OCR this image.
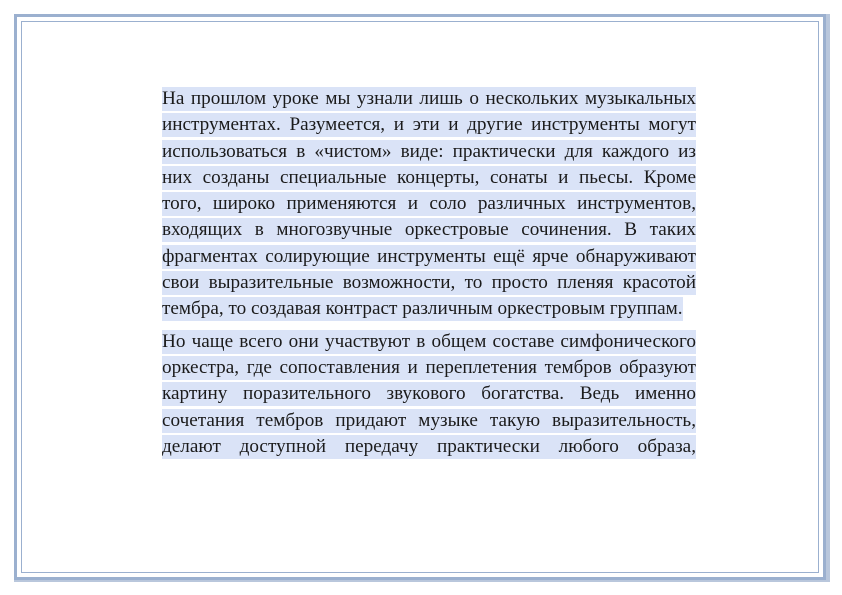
На прошлом уроке мы узнали лишь о нескольких музыкальных инструментах. Разумеется, и эти и другие инструменты могут использоваться в «чистом» виде: практически для каждого из них созданы специальные концерты, сонаты и пьесы. Кроме того, широко применяются и соло различных инструментов, входящих в многозвучные оркестровые сочинения. В таких фрагментах солирующие инструменты ещё ярче обнаруживают свои выразительные возможности, то просто пленяя красотой тембра, то создавая контраст различным оркестровым группам.

Но чаще всего они участвуют в общем составе симфонического оркестра, где сопоставления и переплетения тембров образуют картину поразительного звукового богатства. Ведь именно сочетания тембров придают музыке такую выразительность, делают доступной передачу практически любого образа,
